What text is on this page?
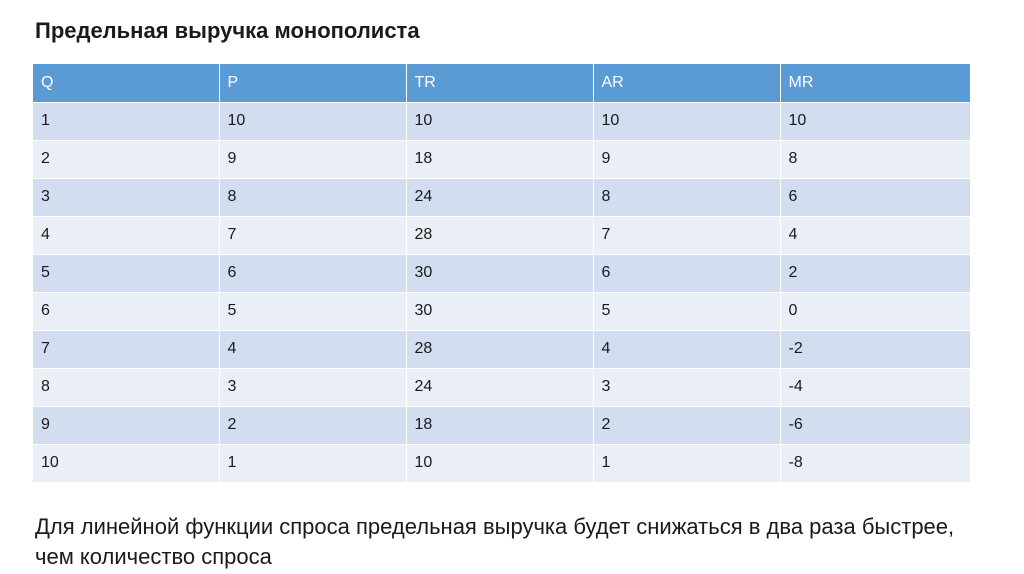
Предельная выручка монополиста
Q	P	TR	AR	MR
1	10	10	10	10
2	9	18	9	8
3	8	24	8	6
4	7	28	7	4
5	6	30	6	2
6	5	30	5	0
7	4	28	4	-2
8	3	24	3	-4
9	2	18	2	-6
10	1	10	1	-8

Для линейной функции спроса предельная выручка будет снижаться в два раза быстрее, чем количество спроса
